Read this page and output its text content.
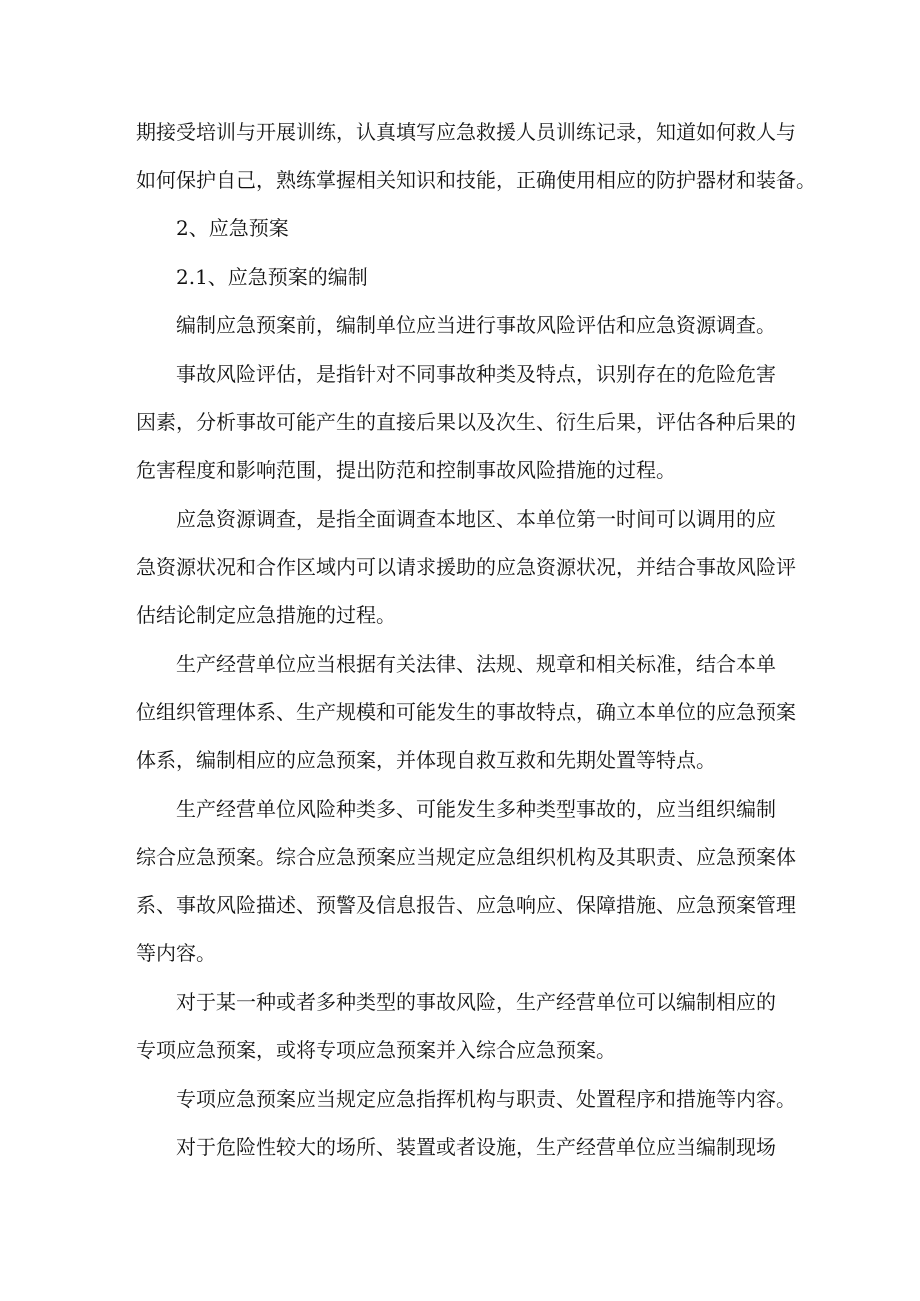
期接受培训与开展训练，认真填写应急救援人员训练记录，知道如何救人与
如何保护自己，熟练掌握相关知识和技能，正确使用相应的防护器材和装备。
2、应急预案
2.1、应急预案的编制
编制应急预案前，编制单位应当进行事故风险评估和应急资源调查。
事故风险评估，是指针对不同事故种类及特点，识别存在的危险危害
因素，分析事故可能产生的直接后果以及次生、衍生后果，评估各种后果的
危害程度和影响范围，提出防范和控制事故风险措施的过程。
应急资源调查，是指全面调查本地区、本单位第一时间可以调用的应
急资源状况和合作区域内可以请求援助的应急资源状况，并结合事故风险评
估结论制定应急措施的过程。
生产经营单位应当根据有关法律、法规、规章和相关标准，结合本单
位组织管理体系、生产规模和可能发生的事故特点，确立本单位的应急预案
体系，编制相应的应急预案，并体现自救互救和先期处置等特点。
生产经营单位风险种类多、可能发生多种类型事故的，应当组织编制
综合应急预案。综合应急预案应当规定应急组织机构及其职责、应急预案体
系、事故风险描述、预警及信息报告、应急响应、保障措施、应急预案管理
等内容。
对于某一种或者多种类型的事故风险，生产经营单位可以编制相应的
专项应急预案，或将专项应急预案并入综合应急预案。
专项应急预案应当规定应急指挥机构与职责、处置程序和措施等内容。
对于危险性较大的场所、装置或者设施，生产经营单位应当编制现场
